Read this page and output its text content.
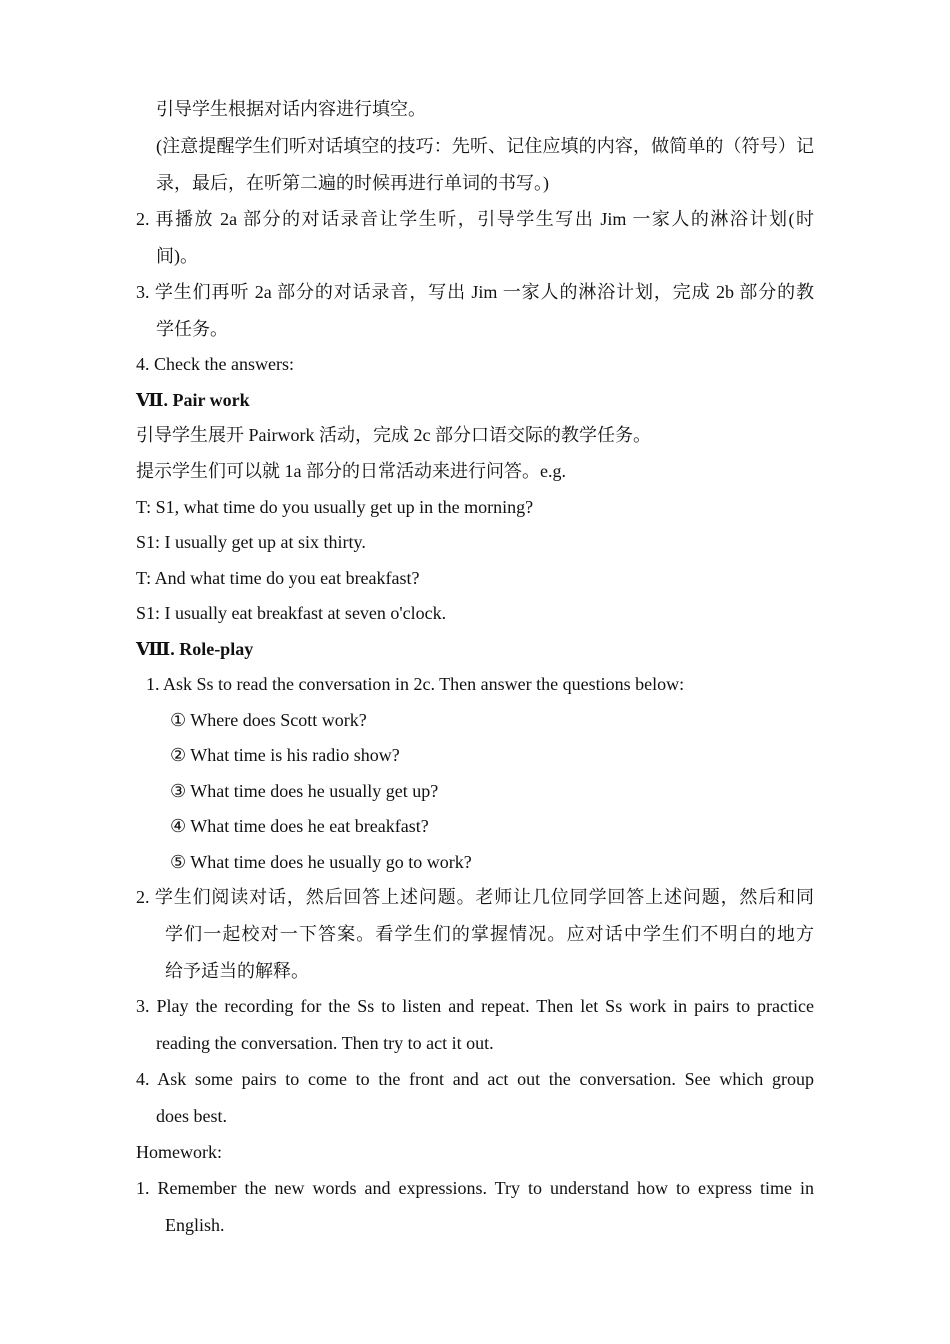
引导学生根据对话内容进行填空。
(注意提醒学生们听对话填空的技巧：先听、记住应填的内容，做简单的（符号）记
录，最后，在听第二遍的时候再进行单词的书写。)
2. 再播放 2a 部分的对话录音让学生听，引导学生写出 Jim 一家人的淋浴计划(时
间)。
3. 学生们再听 2a 部分的对话录音，写出 Jim 一家人的淋浴计划，完成 2b 部分的教
学任务。
4. Check the answers:
Ⅶ. Pair work
引导学生展开 Pairwork 活动，完成 2c 部分口语交际的教学任务。
提示学生们可以就 1a 部分的日常活动来进行问答。e.g.
T: S1, what time do you usually get up in the morning?
S1: I usually get up at six thirty.
T: And what time do you eat breakfast?
S1: I usually eat breakfast at seven o'clock.
Ⅷ. Role-play
1. Ask Ss to read the conversation in 2c. Then answer the questions below:
① Where does Scott work?
② What time is his radio show?
③ What time does he usually get up?
④ What time does he eat breakfast?
⑤ What time does he usually go to work?
2. 学生们阅读对话，然后回答上述问题。老师让几位同学回答上述问题，然后和同
学们一起校对一下答案。看学生们的掌握情况。应对话中学生们不明白的地方
给予适当的解释。
3. Play the recording for the Ss to listen and repeat. Then let Ss work in pairs to practice
reading the conversation. Then try to act it out.
4. Ask some pairs to come to the front and act out the conversation. See which group
does best.
Homework:
1. Remember the new words and expressions. Try to understand how to express time in
English.
